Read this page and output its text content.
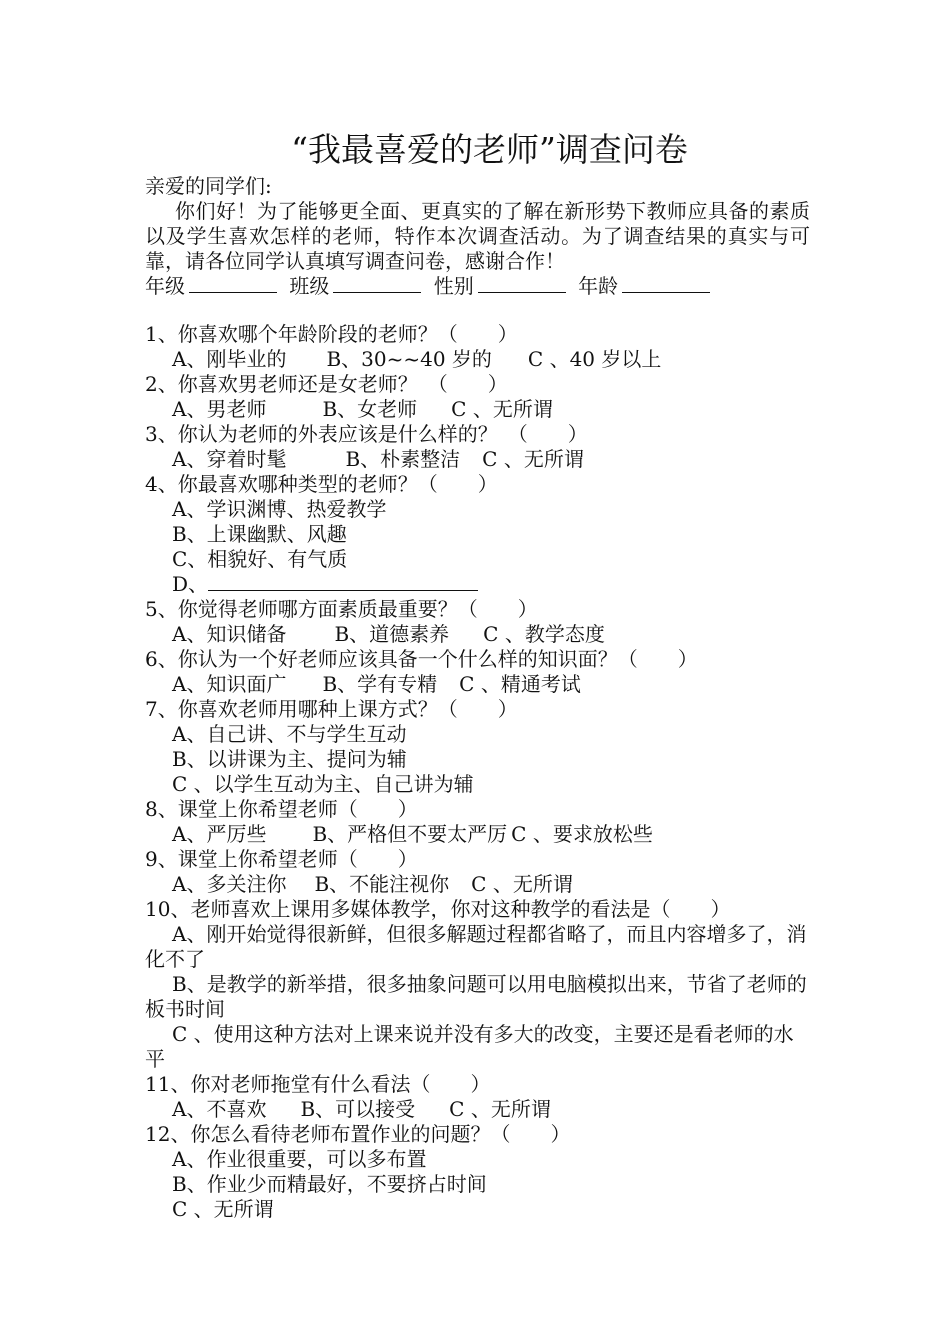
“我最喜爱的老师”调查问卷
亲爱的同学们:
你们好！为了能够更全面、更真实的了解在新形势下教师应具备的素质以及学生喜欢怎样的老师，特作本次调查活动。为了调查结果的真实与可靠，请各位同学认真填写调查问卷，感谢合作！
年级	班级	性别	年龄
1、你喜欢哪个年龄阶段的老师？（　　）
A、刚毕业的 B、30~~40 岁的 C 、40 岁以上
2、你喜欢男老师还是女老师？　（　　）
A、男老师	B、女老师 C 、无所谓
3、你认为老师的外表应该是什么样的？　（　　）
A、穿着时髦	B、朴素整洁 C 、无所谓
4、你最喜欢哪种类型的老师？（　　）
A、学识渊博、热爱教学
B、上课幽默、风趣
C、相貌好、有气质
D、
5、你觉得老师哪方面素质最重要？（　　）
A、知识储备 B、道德素养 C 、教学态度
6、你认为一个好老师应该具备一个什么样的知识面？（　　）
A、知识面广 B、学有专精 C 、精通考试
7、你喜欢老师用哪种上课方式？（　　）
A、自己讲、不与学生互动
B、以讲课为主、提问为辅
C 、以学生互动为主、自己讲为辅
8、课堂上你希望老师（　　）
A、严厉些 B、严格但不要太严厉 C 、要求放松些
9、课堂上你希望老师（　　）
A、多关注你 B、不能注视你 C 、无所谓
10、老师喜欢上课用多媒体教学，你对这种教学的看法是（　　）
A、刚开始觉得很新鲜，但很多解题过程都省略了，而且内容增多了，消化不了
B、是教学的新举措，很多抽象问题可以用电脑模拟出来，节省了老师的板书时间
C 、使用这种方法对上课来说并没有多大的改变，主要还是看老师的水平
11、你对老师拖堂有什么看法（　　）
A、不喜欢 B、可以接受 C 、无所谓
12、你怎么看待老师布置作业的问题？（　　）
A、作业很重要，可以多布置
B、作业少而精最好，不要挤占时间
C 、无所谓
